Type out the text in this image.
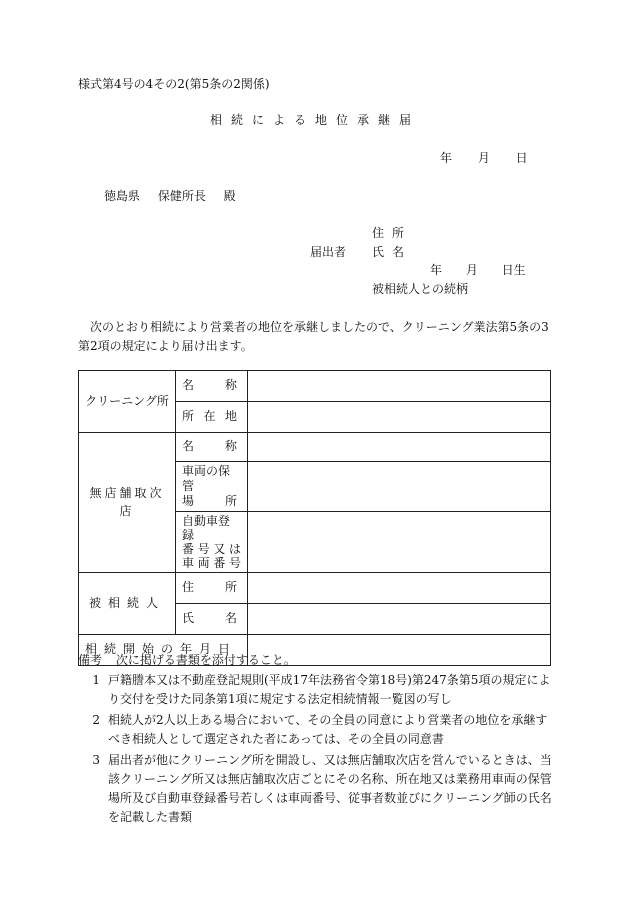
様式第4号の4その2(第5条の2関係)
相続による地位承継届
年 月 日
徳島県 保健所長 殿
住所
届出者 氏名
年 月 日生
被相続人との続柄
次のとおり相続により営業者の地位を承継しましたので、クリーニング業法第5条の3第2項の規定により届け出ます。
クリーニング所	名 称	

	所 在 地	

無店舗取次店	名 称	

	車両の保管
場 所	

	自動車登録
番号又は
車両番号	

被相続人	住 所	

	氏 名	

相続開始の年月日		
備考 次に掲げる書類を添付すること。
1 戸籍謄本又は不動産登記規則(平成17年法務省令第18号)第247条第5項の規定により交付を受けた同条第1項に規定する法定相続情報一覧図の写し
2 相続人が2人以上ある場合において、その全員の同意により営業者の地位を承継すべき相続人として選定された者にあっては、その全員の同意書
3 届出者が他にクリーニング所を開設し、又は無店舗取次店を営んでいるときは、当該クリーニング所又は無店舗取次店ごとにその名称、所在地又は業務用車両の保管場所及び自動車登録番号若しくは車両番号、従事者数並びにクリーニング師の氏名を記載した書類
